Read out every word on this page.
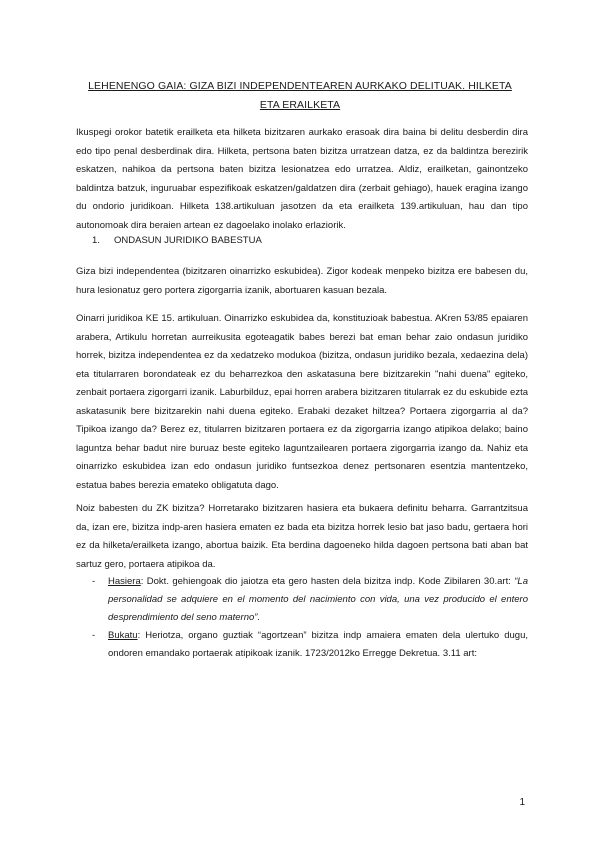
LEHENENGO GAIA: GIZA BIZI INDEPENDENTEAREN AURKAKO DELITUAK. HILKETA
ETA ERAILKETA

Ikuspegi orokor batetik erailketa eta hilketa bizitzaren aurkako erasoak dira baina bi delitu desberdin dira edo tipo penal desberdinak dira. Hilketa, pertsona baten bizitza urratzean datza, ez da baldintza berezirik eskatzen, nahikoa da pertsona baten bizitza lesionatzea edo urratzea. Aldiz, erailketan, gainontzeko baldintza batzuk, inguruabar espezifikoak eskatzen/galdatzen dira (zerbait gehiago), hauek eragina izango du ondorio juridikoan. Hilketa 138.artikuluan jasotzen da eta erailketa 139.artikuluan, hau dan tipo autonomoak dira beraien artean ez dagoelako inolako erlaziorik.

1. ONDASUN JURIDIKO BABESTUA

Giza bizi independentea (bizitzaren oinarrizko eskubidea). Zigor kodeak menpeko bizitza ere babesen du, hura lesionatuz gero portera zigorgarria izanik, abortuaren kasuan bezala.

Oinarri juridikoa KE 15. artikuluan. Oinarrizko eskubidea da, konstituzioak babestua. AKren 53/85 epaiaren arabera, Artikulu horretan aurreikusita egoteagatik babes berezi bat eman behar zaio ondasun juridiko horrek, bizitza independentea ez da xedatzeko modukoa (bizitza, ondasun juridiko bezala, xedaezina dela) eta titularraren borondateak ez du beharrezkoa den askatasuna bere bizitzarekin "nahi duena" egiteko, zenbait portaera zigorgarri izanik. Laburbilduz, epai horren arabera bizitzaren titularrak ez du eskubide ezta askatasunik bere bizitzarekin nahi duena egiteko. Erabaki dezaket hiltzea? Portaera zigorgarria al da? Tipikoa izango da? Berez ez, titularren bizitzaren portaera ez da zigorgarria izango atipikoa delako; baino laguntza behar badut nire buruaz beste egiteko laguntzailearen portaera zigorgarria izango da. Nahiz eta oinarrizko eskubidea izan edo ondasun juridiko funtsezkoa denez pertsonaren esentzia mantentzeko, estatua babes berezia emateko obligatuta dago.

Noiz babesten du ZK bizitza? Horretarako bizitzaren hasiera eta bukaera definitu beharra. Garrantzitsua da, izan ere, bizitza indp-aren hasiera ematen ez bada eta bizitza horrek lesio bat jaso badu, gertaera hori ez da hilketa/erailketa izango, abortua baizik. Eta berdina dagoeneko hilda dagoen pertsona bati aban bat sartuz gero, portaera atipikoa da.

- Hasiera: Dokt. gehiengoak dio jaiotza eta gero hasten dela bizitza indp. Kode Zibilaren 30.art: “La personalidad se adquiere en el momento del nacimiento con vida, una vez producido el entero desprendimiento del seno materno”.
- Bukatu: Heriotza, organo guztiak “agortzean” bizitza indp amaiera ematen dela ulertuko dugu, ondoren emandako portaerak atipikoak izanik. 1723/2012ko Erregge Dekretua. 3.11 art:
1
